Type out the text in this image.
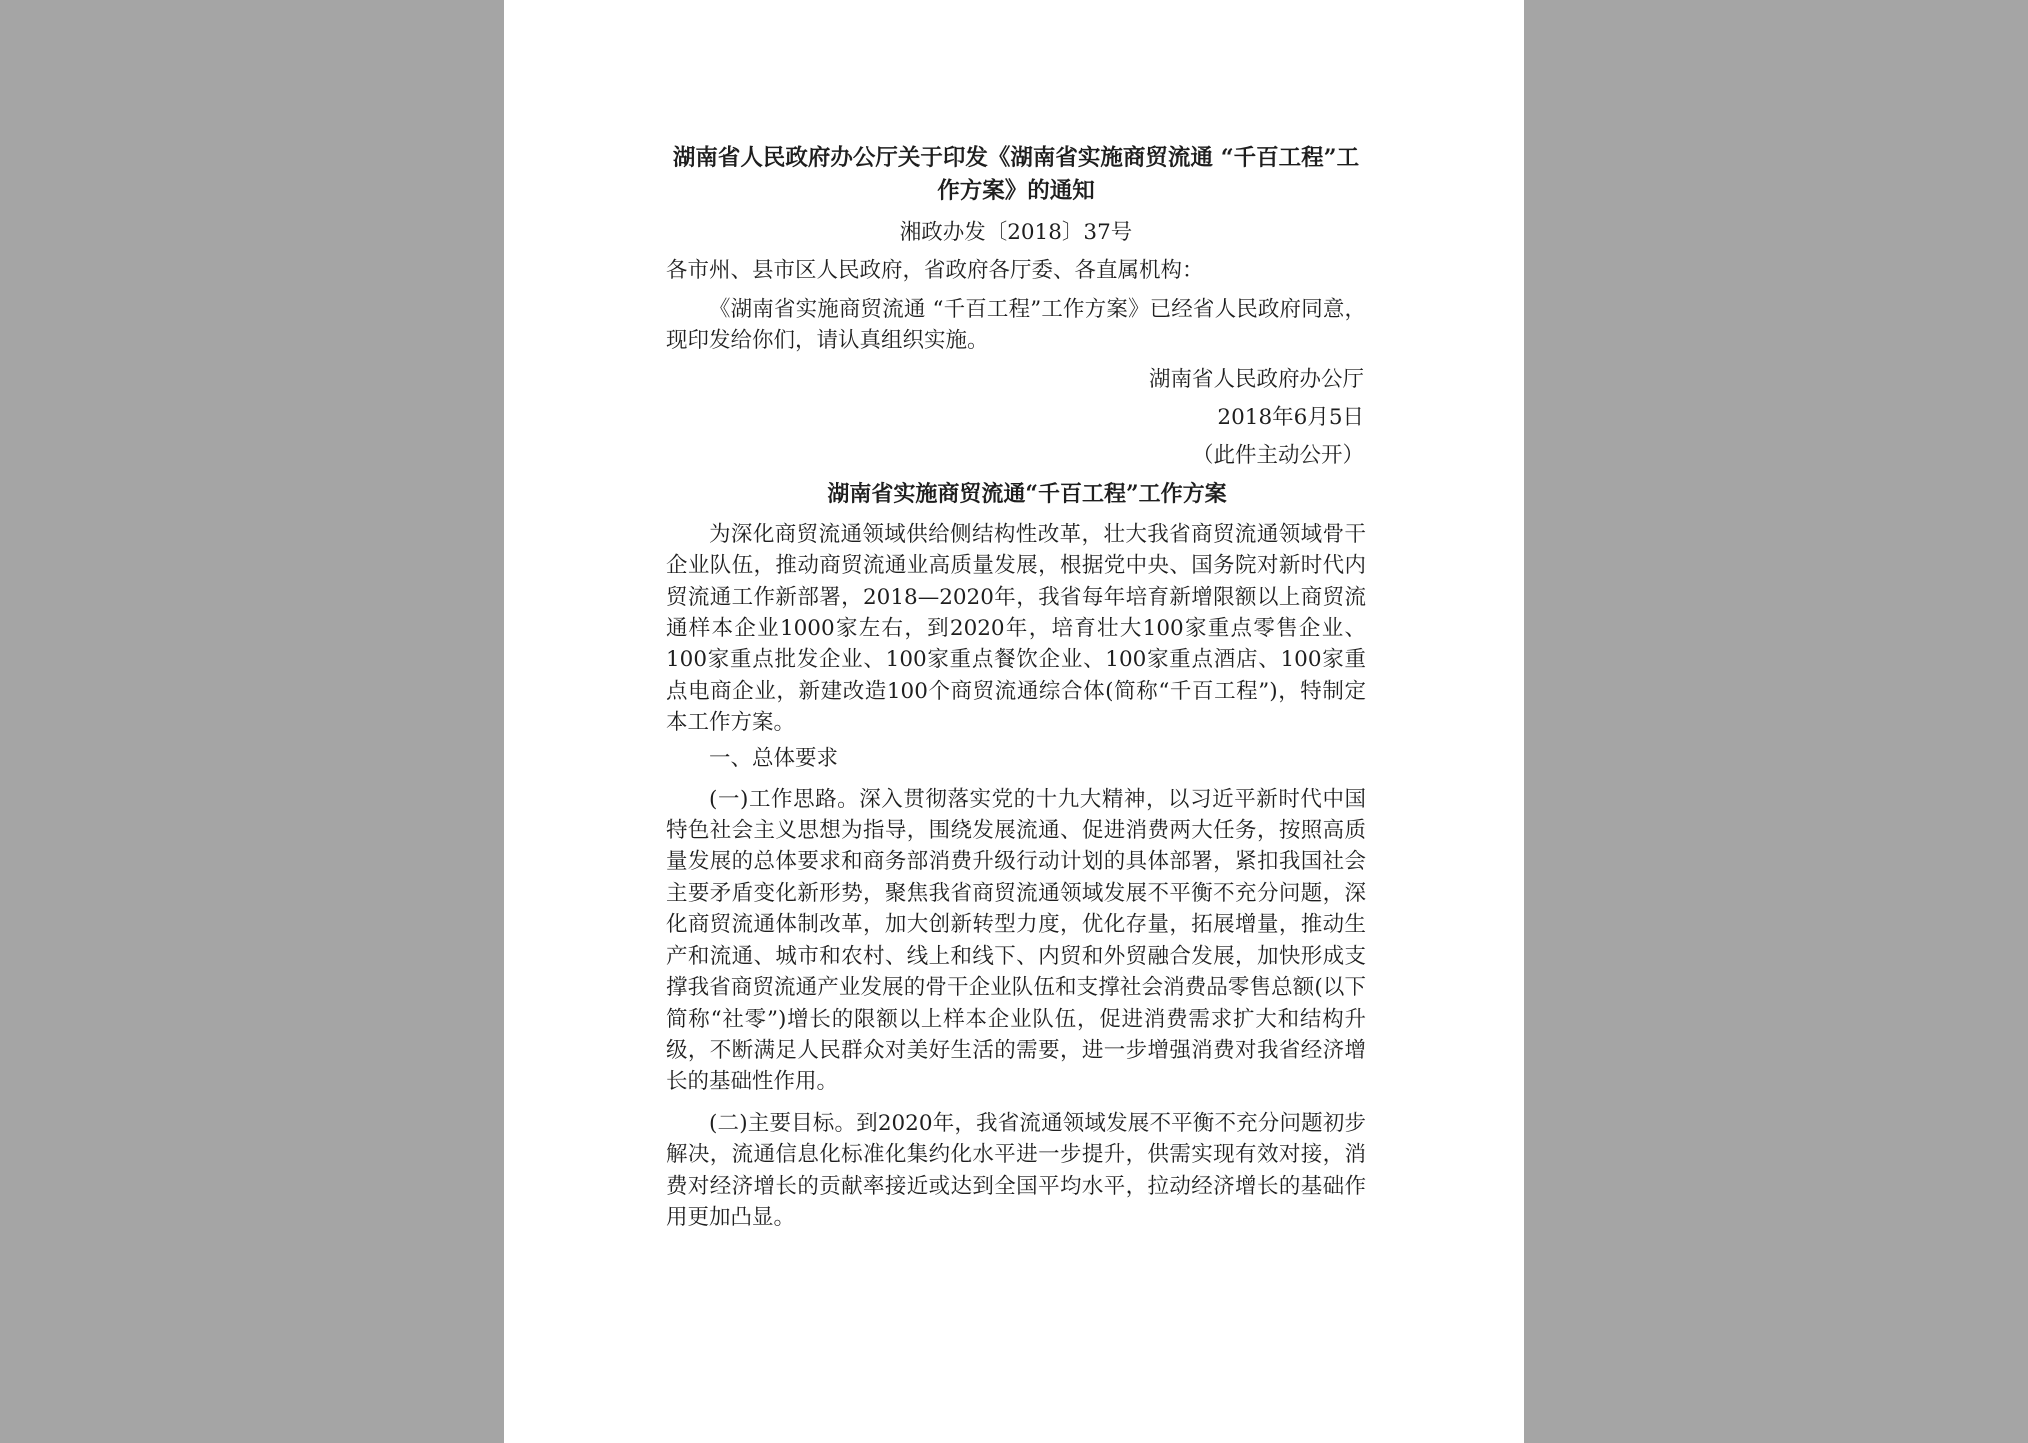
湖南省人民政府办公厅关于印发《湖南省实施商贸流通 “千百工程”工作方案》的通知
湘政办发〔2018〕37号
各市州、县市区人民政府，省政府各厅委、各直属机构：

《湖南省实施商贸流通 “千百工程”工作方案》已经省人民政府同意，现印发给你们，请认真组织实施。

湖南省人民政府办公厅
2018年6月5日
（此件主动公开）
湖南省实施商贸流通“千百工程”工作方案

为深化商贸流通领域供给侧结构性改革，壮大我省商贸流通领域骨干企业队伍，推动商贸流通业高质量发展，根据党中央、国务院对新时代内贸流通工作新部署，2018—2020年，我省每年培育新增限额以上商贸流通样本企业1000家左右，到2020年，培育壮大100家重点零售企业、100家重点批发企业、100家重点餐饮企业、100家重点酒店、100家重点电商企业，新建改造100个商贸流通综合体(简称“千百工程”)，特制定本工作方案。

一、总体要求

(一)工作思路。深入贯彻落实党的十九大精神，以习近平新时代中国特色社会主义思想为指导，围绕发展流通、促进消费两大任务，按照高质量发展的总体要求和商务部消费升级行动计划的具体部署，紧扣我国社会主要矛盾变化新形势，聚焦我省商贸流通领域发展不平衡不充分问题，深化商贸流通体制改革，加大创新转型力度，优化存量，拓展增量，推动生产和流通、城市和农村、线上和线下、内贸和外贸融合发展，加快形成支撑我省商贸流通产业发展的骨干企业队伍和支撑社会消费品零售总额(以下简称“社零”)增长的限额以上样本企业队伍，促进消费需求扩大和结构升级，不断满足人民群众对美好生活的需要，进一步增强消费对我省经济增长的基础性作用。

(二)主要目标。到2020年，我省流通领域发展不平衡不充分问题初步解决，流通信息化标准化集约化水平进一步提升，供需实现有效对接，消费对经济增长的贡献率接近或达到全国平均水平，拉动经济增长的基础作用更加凸显。
